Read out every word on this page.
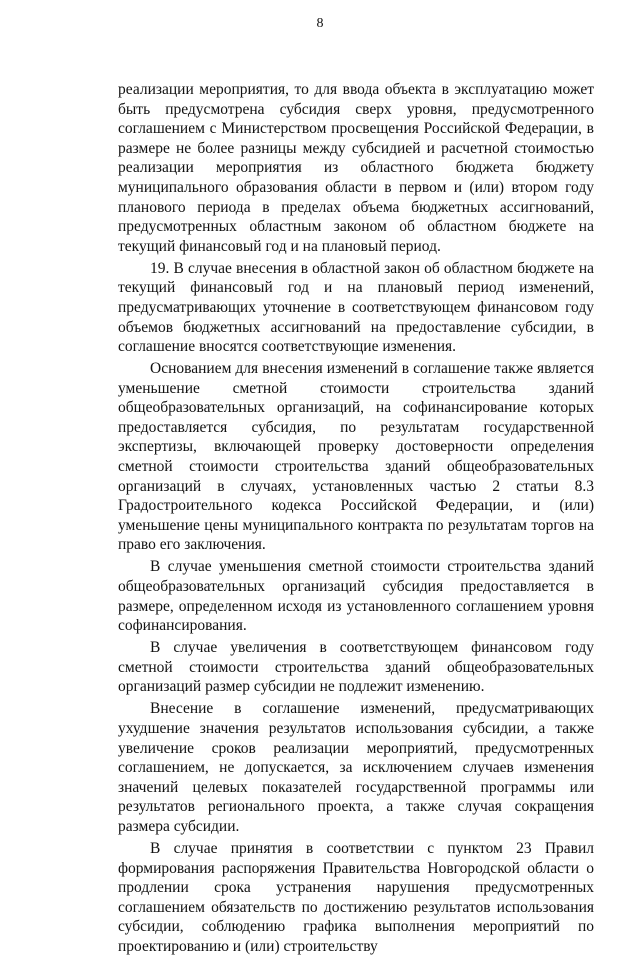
8

реализации мероприятия, то для ввода объекта в эксплуатацию может быть предусмотрена субсидия сверх уровня, предусмотренного соглашением с Министерством просвещения Российской Федерации, в размере не более разницы между субсидией и расчетной стоимостью реализации мероприятия из областного бюджета бюджету муниципального образования области в первом и (или) втором году планового периода в пределах объема бюджетных ассигнований, предусмотренных областным законом об областном бюджете на текущий финансовый год и на плановый период.

19. В случае внесения в областной закон об областном бюджете на текущий финансовый год и на плановый период изменений, предусматривающих уточнение в соответствующем финансовом году объемов бюджетных ассигнований на предоставление субсидии, в соглашение вносятся соответствующие изменения.

Основанием для внесения изменений в соглашение также является уменьшение сметной стоимости строительства зданий общеобразовательных организаций, на софинансирование которых предоставляется субсидия, по результатам государственной экспертизы, включающей проверку достоверности определения сметной стоимости строительства зданий общеобразовательных организаций в случаях, установленных частью 2 статьи 8.3 Градостроительного кодекса Российской Федерации, и (или) уменьшение цены муниципального контракта по результатам торгов на право его заключения.

В случае уменьшения сметной стоимости строительства зданий общеобразовательных организаций субсидия предоставляется в размере, определенном исходя из установленного соглашением уровня софинансирования.

В случае увеличения в соответствующем финансовом году сметной стоимости строительства зданий общеобразовательных организаций размер субсидии не подлежит изменению.

Внесение в соглашение изменений, предусматривающих ухудшение значения результатов использования субсидии, а также увеличение сроков реализации мероприятий, предусмотренных соглашением, не допускается, за исключением случаев изменения значений целевых показателей государственной программы или результатов регионального проекта, а также случая сокращения размера субсидии.

В случае принятия в соответствии с пунктом 23 Правил формирования распоряжения Правительства Новгородской области о продлении срока устранения нарушения предусмотренных соглашением обязательств по достижению результатов использования субсидии, соблюдению графика выполнения мероприятий по проектированию и (или) строительству
